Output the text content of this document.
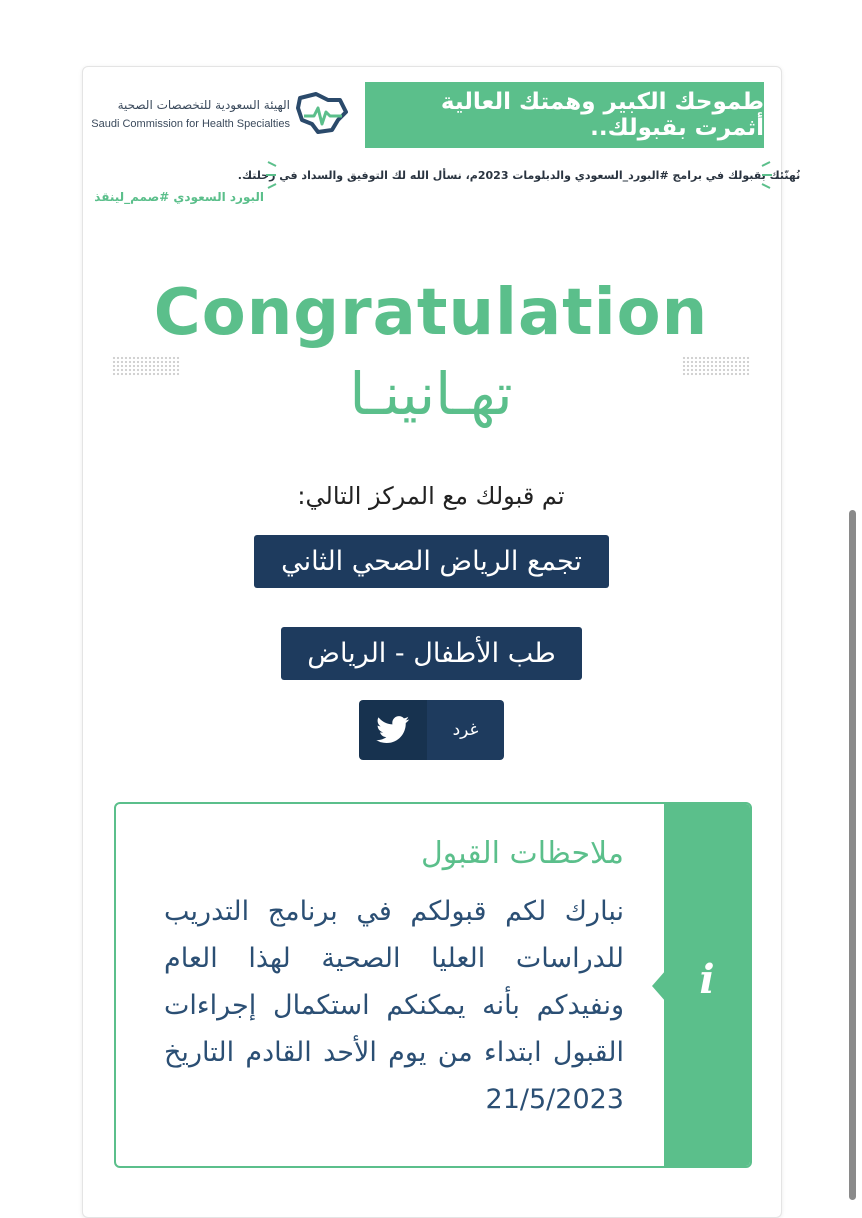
طموحك الكبير وهمتك العالية أثمرت بقبولك..
الهيئة السعودية للتخصصات الصحية
Saudi Commission for Health Specialties
نُهنّئك بقبولك في برامج #البورد_السعودي والدبلومات 2023م، نسأل الله لك التوفيق والسداد في رحلتك.
البورد السعودي #صمم_لينقذ
Congratulation
تهـانينـا
تم قبولك مع المركز التالي:
تجمع الرياض الصحي الثاني
طب الأطفال - الرياض
غرد
i
ملاحظات القبول
نبارك لكم قبولكم في برنامج التدريب للدراسات العليا الصحية لهذا العام ونفيدكم بأنه يمكنكم استكمال إجراءات القبول ابتداء من يوم الأحد القادم التاريخ 21/5/2023
